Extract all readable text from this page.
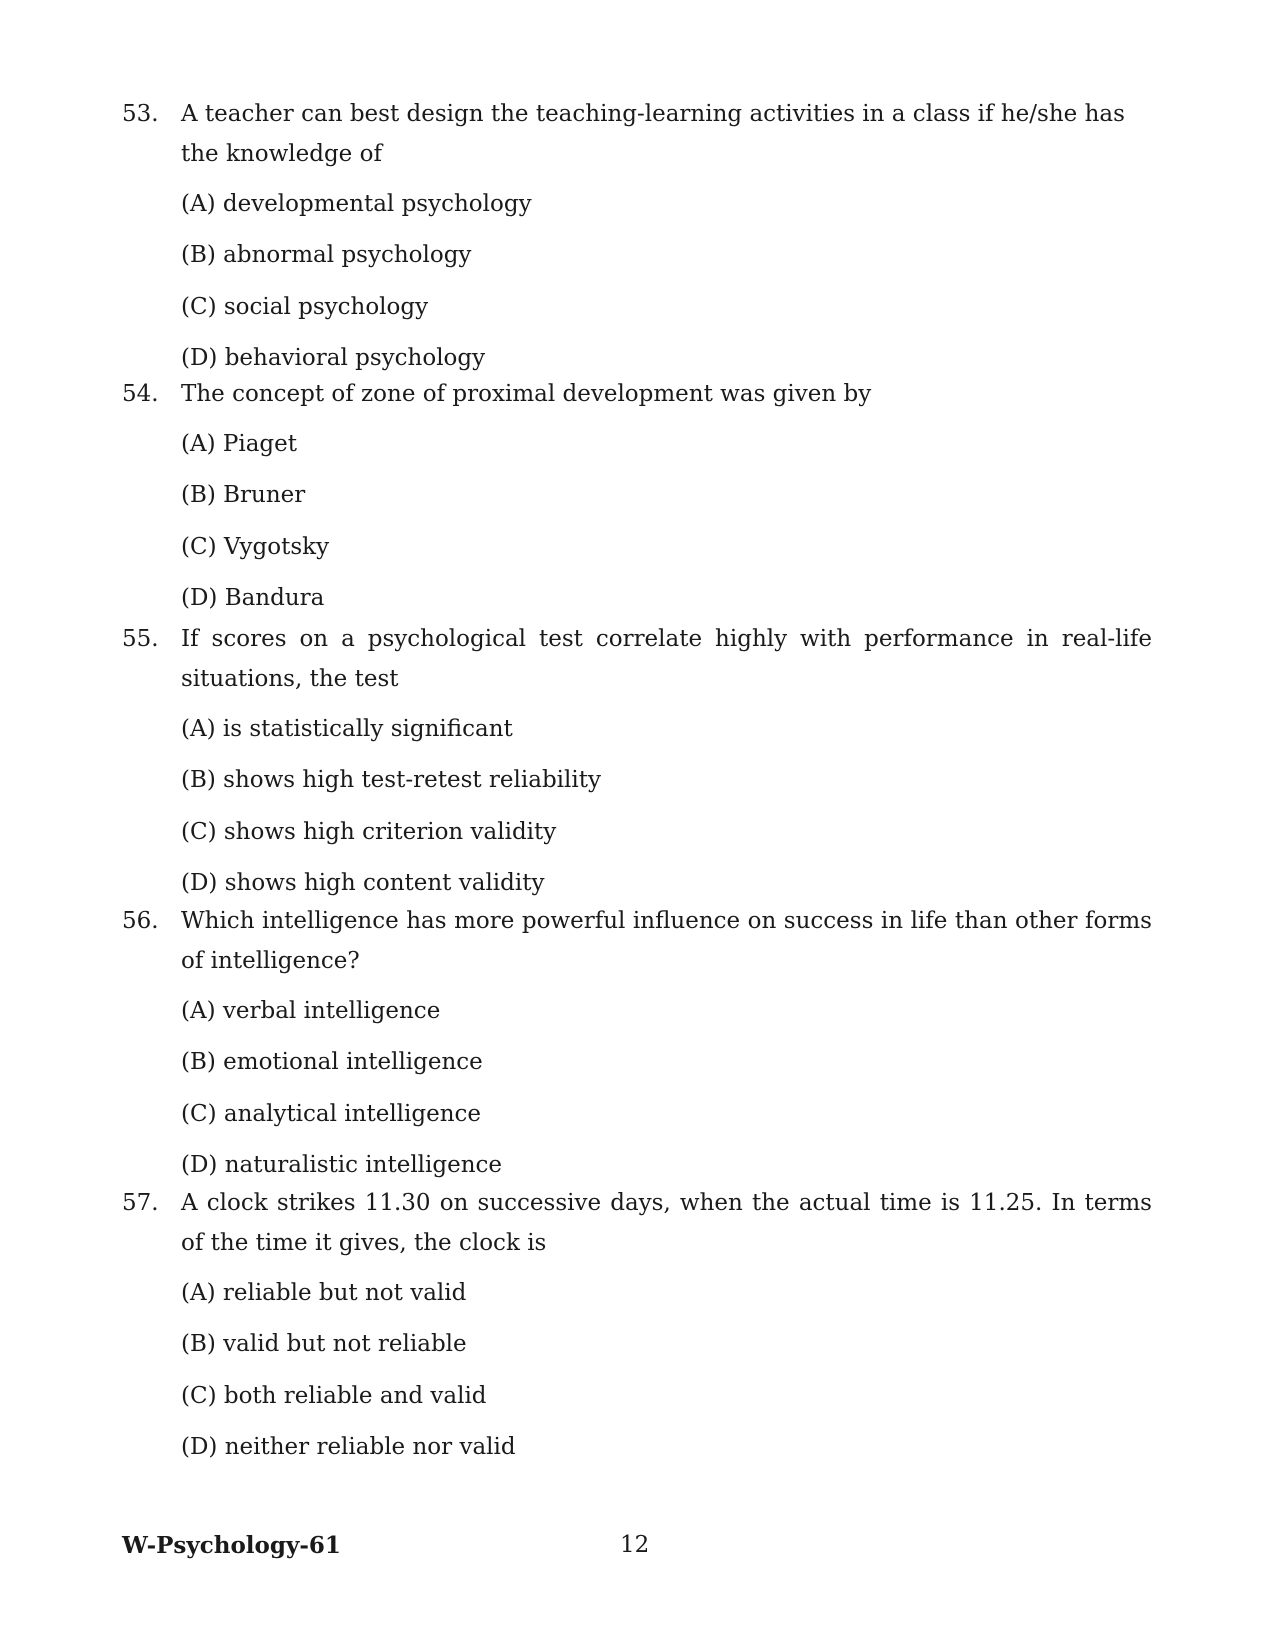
53. A teacher can best design the teaching-learning activities in a class if he/she has the knowledge of
(A) developmental psychology
(B) abnormal psychology
(C) social psychology
(D) behavioral psychology
54. The concept of zone of proximal development was given by
(A) Piaget
(B) Bruner
(C) Vygotsky
(D) Bandura
55. If scores on a psychological test correlate highly with performance in real-life situations, the test
(A) is statistically significant
(B) shows high test-retest reliability
(C) shows high criterion validity
(D) shows high content validity
56. Which intelligence has more powerful influence on success in life than other forms of intelligence?
(A) verbal intelligence
(B) emotional intelligence
(C) analytical intelligence
(D) naturalistic intelligence
57. A clock strikes 11.30 on successive days, when the actual time is 11.25. In terms of the time it gives, the clock is
(A) reliable but not valid
(B) valid but not reliable
(C) both reliable and valid
(D) neither reliable nor valid
W-Psychology-61	12
